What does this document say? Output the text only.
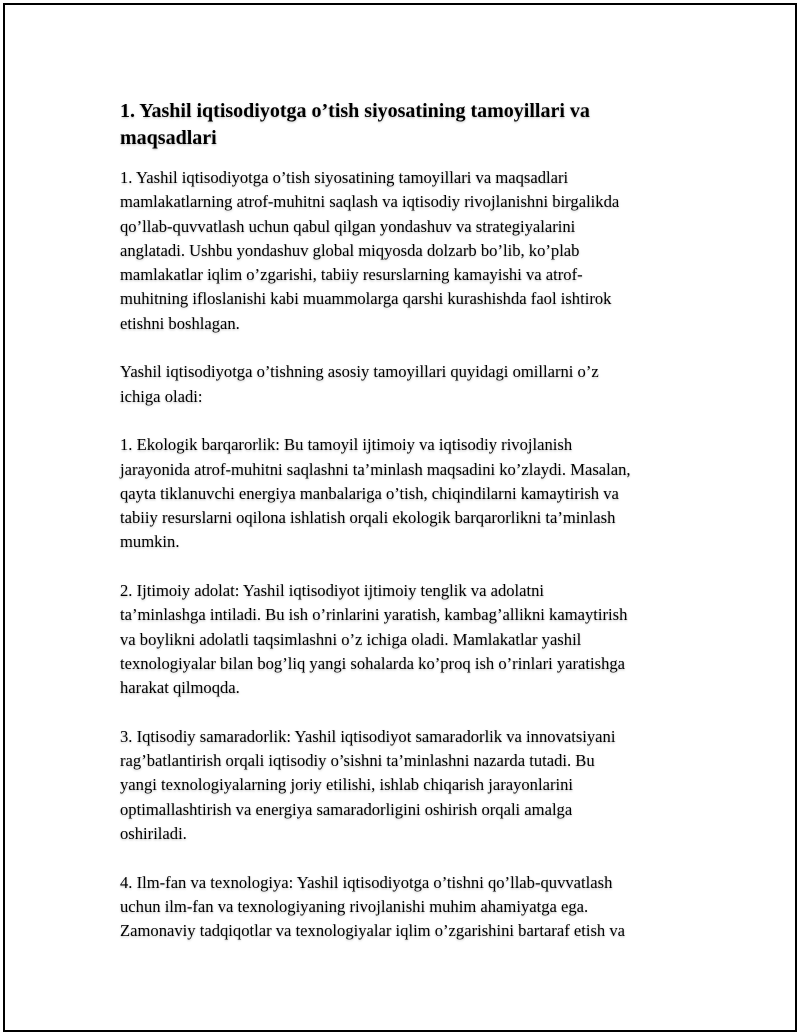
1. Yashil iqtisodiyotga o’tish siyosatining tamoyillari va
maqsadlari
1. Yashil iqtisodiyotga o’tish siyosatining tamoyillari va maqsadlari
mamlakatlarning atrof-muhitni saqlash va iqtisodiy rivojlanishni birgalikda
qo’llab-quvvatlash uchun qabul qilgan yondashuv va strategiyalarini
anglatadi. Ushbu yondashuv global miqyosda dolzarb bo’lib, ko’plab
mamlakatlar iqlim o’zgarishi, tabiiy resurslarning kamayishi va atrof-
muhitning ifloslanishi kabi muammolarga qarshi kurashishda faol ishtirok
etishni boshlagan.
Yashil iqtisodiyotga o’tishning asosiy tamoyillari quyidagi omillarni o’z
ichiga oladi:
1. Ekologik barqarorlik: Bu tamoyil ijtimoiy va iqtisodiy rivojlanish
jarayonida atrof-muhitni saqlashni ta’minlash maqsadini ko’zlaydi. Masalan,
qayta tiklanuvchi energiya manbalariga o’tish, chiqindilarni kamaytirish va
tabiiy resurslarni oqilona ishlatish orqali ekologik barqarorlikni ta’minlash
mumkin.
2. Ijtimoiy adolat: Yashil iqtisodiyot ijtimoiy tenglik va adolatni
ta’minlashga intiladi. Bu ish o’rinlarini yaratish, kambag’allikni kamaytirish
va boylikni adolatli taqsimlashni o’z ichiga oladi. Mamlakatlar yashil
texnologiyalar bilan bog’liq yangi sohalarda ko’proq ish o’rinlari yaratishga
harakat qilmoqda.
3. Iqtisodiy samaradorlik: Yashil iqtisodiyot samaradorlik va innovatsiyani
rag’batlantirish orqali iqtisodiy o’sishni ta’minlashni nazarda tutadi. Bu
yangi texnologiyalarning joriy etilishi, ishlab chiqarish jarayonlarini
optimallashtirish va energiya samaradorligini oshirish orqali amalga
oshiriladi.
4. Ilm-fan va texnologiya: Yashil iqtisodiyotga o’tishni qo’llab-quvvatlash
uchun ilm-fan va texnologiyaning rivojlanishi muhim ahamiyatga ega.
Zamonaviy tadqiqotlar va texnologiyalar iqlim o’zgarishini bartaraf etish va
